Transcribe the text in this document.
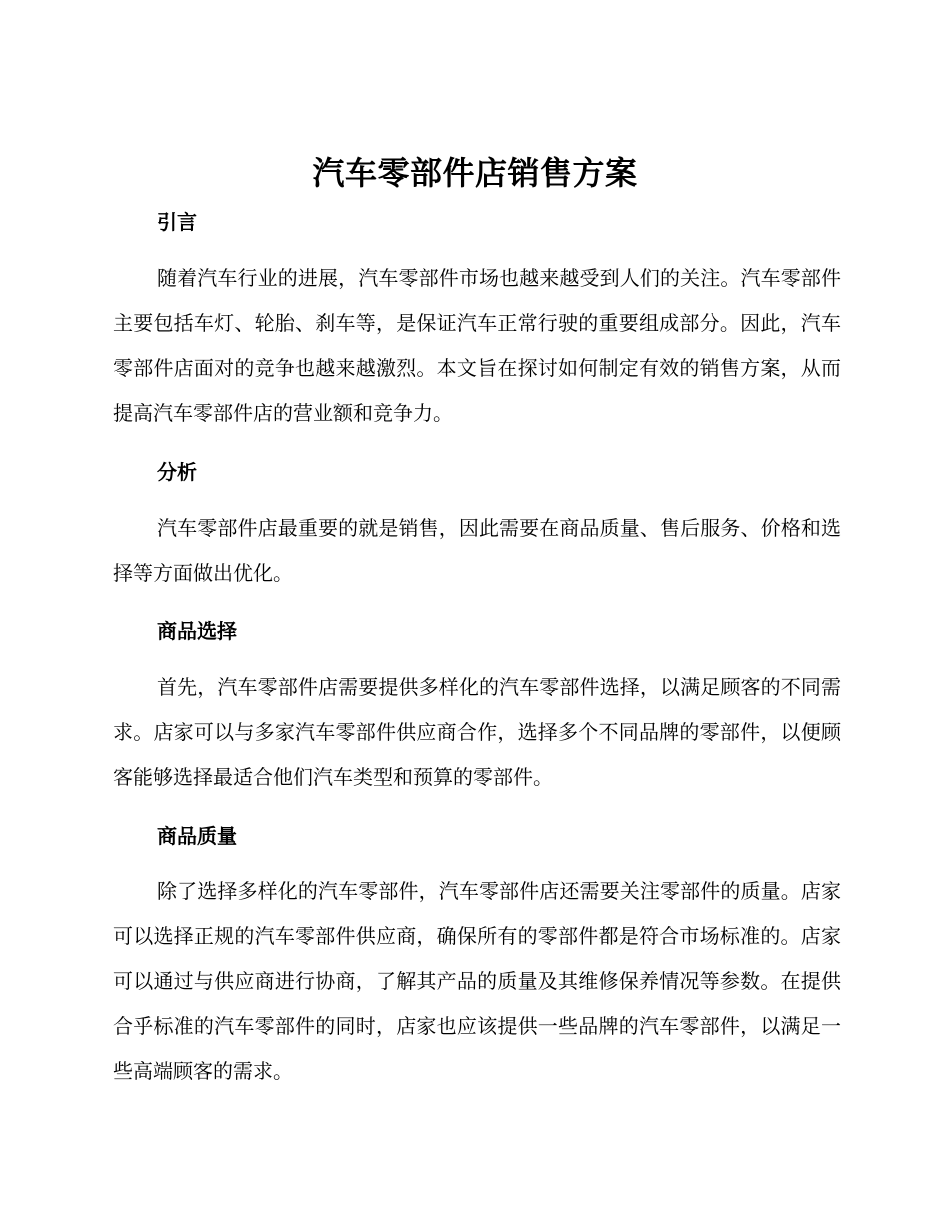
汽车零部件店销售方案
引言

随着汽车行业的进展，汽车零部件市场也越来越受到人们的关注。汽车零部件主要包括车灯、轮胎、刹车等，是保证汽车正常行驶的重要组成部分。因此，汽车零部件店面对的竞争也越来越激烈。本文旨在探讨如何制定有效的销售方案，从而提高汽车零部件店的营业额和竞争力。

分析

汽车零部件店最重要的就是销售，因此需要在商品质量、售后服务、价格和选择等方面做出优化。

商品选择

首先，汽车零部件店需要提供多样化的汽车零部件选择，以满足顾客的不同需求。店家可以与多家汽车零部件供应商合作，选择多个不同品牌的零部件，以便顾客能够选择最适合他们汽车类型和预算的零部件。

商品质量

除了选择多样化的汽车零部件，汽车零部件店还需要关注零部件的质量。店家可以选择正规的汽车零部件供应商，确保所有的零部件都是符合市场标准的。店家可以通过与供应商进行协商，了解其产品的质量及其维修保养情况等参数。在提供合乎标准的汽车零部件的同时，店家也应该提供一些品牌的汽车零部件，以满足一些高端顾客的需求。
